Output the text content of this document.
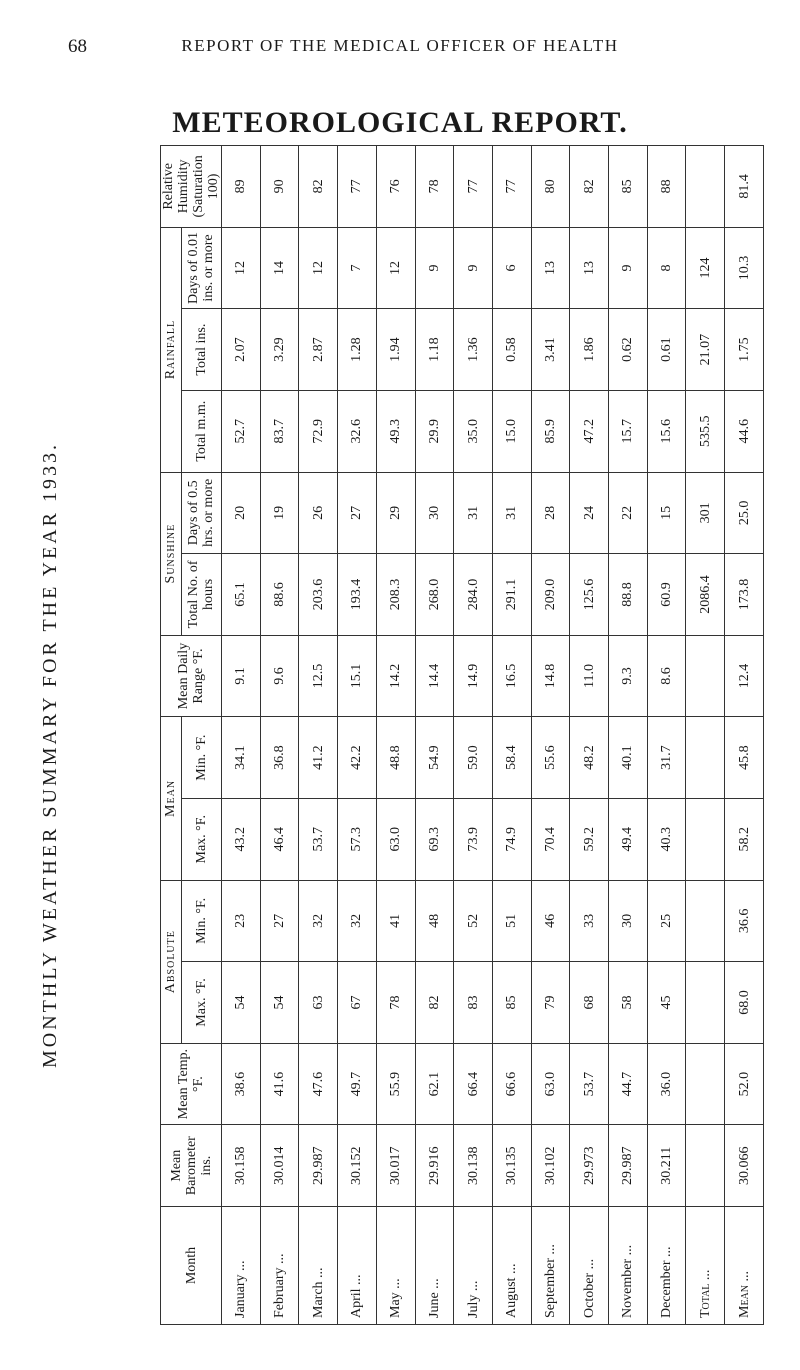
68	REPORT OF THE MEDICAL OFFICER OF HEALTH
METEOROLOGICAL REPORT.
MONTHLY WEATHER SUMMARY FOR THE YEAR 1933.
Month	Mean Barometer ins.	Mean Temp. °F.	Absolute		Mean		Mean Daily Range °F.	Sunshine		Rainfall			Relative Humidity (Saturation 100)
			Max. °F.	Min. °F.	Max. °F.	Min. °F.		Total No. of hours	Days of 0.5 hrs. or more	Total m.m.	Total ins.	Days of 0.01 ins. or more	
January ...	30.158	38.6	54	23	43.2	34.1	9.1	65.1	20	52.7	2.07	12	89
February ...	30.014	41.6	54	27	46.4	36.8	9.6	88.6	19	83.7	3.29	14	90
March ...	29.987	47.6	63	32	53.7	41.2	12.5	203.6	26	72.9	2.87	12	82
April ...	30.152	49.7	67	32	57.3	42.2	15.1	193.4	27	32.6	1.28	7	77
May ...	30.017	55.9	78	41	63.0	48.8	14.2	208.3	29	49.3	1.94	12	76
June ...	29.916	62.1	82	48	69.3	54.9	14.4	268.0	30	29.9	1.18	9	78
July ...	30.138	66.4	83	52	73.9	59.0	14.9	284.0	31	35.0	1.36	9	77
August ...	30.135	66.6	85	51	74.9	58.4	16.5	291.1	31	15.0	0.58	6	77
September ...	30.102	63.0	79	46	70.4	55.6	14.8	209.0	28	85.9	3.41	13	80
October ...	29.973	53.7	68	33	59.2	48.2	11.0	125.6	24	47.2	1.86	13	82
November ...	29.987	44.7	58	30	49.4	40.1	9.3	88.8	22	15.7	0.62	9	85
December ...	30.211	36.0	45	25	40.3	31.7	8.6	60.9	15	15.6	0.61	8	88
Total ...								2086.4	301	535.5	21.07	124	
Mean ...	30.066	52.0	68.0	36.6	58.2	45.8	12.4	173.8	25.0	44.6	1.75	10.3	81.4
